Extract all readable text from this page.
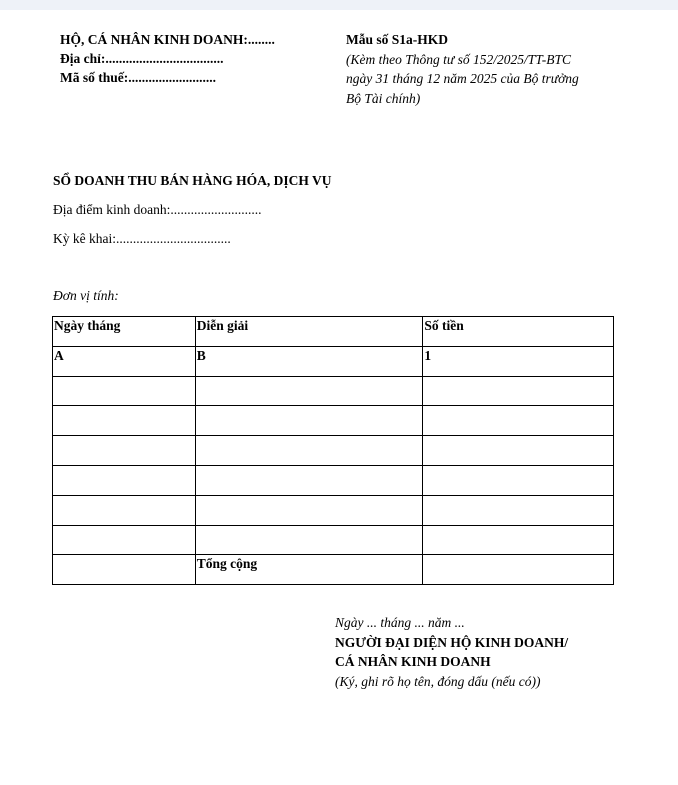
HỘ, CÁ NHÂN KINH DOANH:........
Địa chỉ:...................................
Mã số thuế:..........................
Mẫu số S1a-HKD
(Kèm theo Thông tư số 152/2025/TT-BTC
ngày 31 tháng 12 năm 2025 của Bộ trưởng
Bộ Tài chính)
SỔ DOANH THU BÁN HÀNG HÓA, DỊCH VỤ
Địa điểm kinh doanh:...........................
Kỳ kê khai:..................................
Đơn vị tính:
Ngày tháng	Diễn giải	Số tiền
A	B	1

	Tổng cộng	
Ngày ... tháng ... năm ...
NGƯỜI ĐẠI DIỆN HỘ KINH DOANH/
CÁ NHÂN KINH DOANH
(Ký, ghi rõ họ tên, đóng dấu (nếu có))
